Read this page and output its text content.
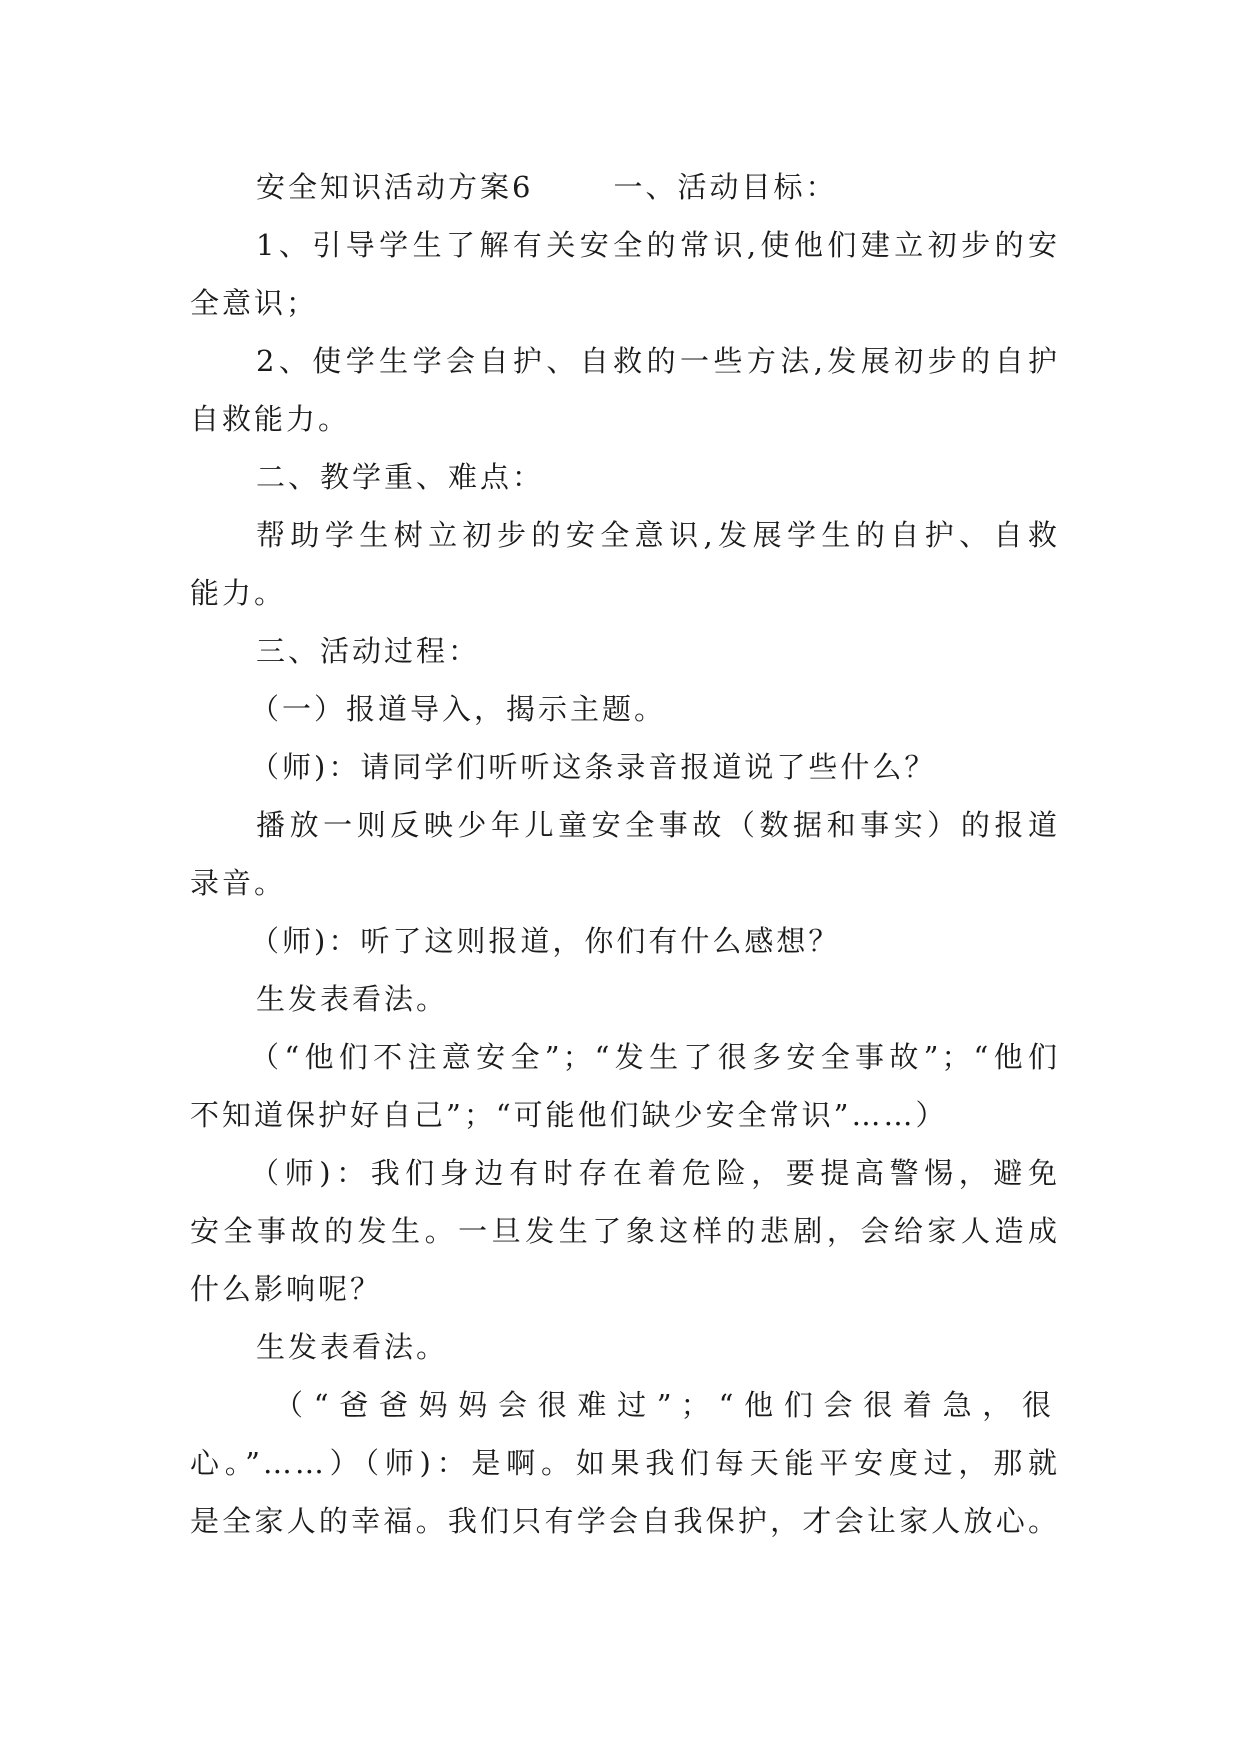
安全知识活动方案6	一、活动目标：
1、引导学生了解有关安全的常识,使他们建立初步的安
全意识；
2、使学生学会自护、自救的一些方法,发展初步的自护
自救能力。
二、教学重、难点：
帮助学生树立初步的安全意识,发展学生的自护、自救
能力。
三、活动过程：
（一）报道导入，揭示主题。
（师)：请同学们听听这条录音报道说了些什么？
播放一则反映少年儿童安全事故（数据和事实）的报道
录音。
（师)：听了这则报道，你们有什么感想？
生发表看法。
（“他们不注意安全”；“发生了很多安全事故”；“他们
不知道保护好自己”；“可能他们缺少安全常识”……）
（师)：我们身边有时存在着危险，要提高警惕，避免
安全事故的发生。一旦发生了象这样的悲剧，会给家人造成
什么影响呢？
生发表看法。
（“爸爸妈妈会很难过”；“他们会很着急，很
心。”……）（师)：是啊。如果我们每天能平安度过，那就
是全家人的幸福。我们只有学会自我保护，才会让家人放心。
